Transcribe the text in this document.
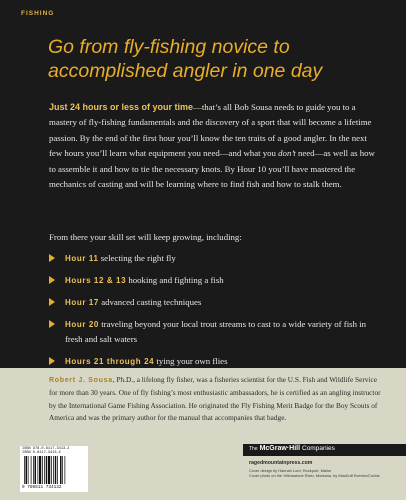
FISHING
Go from fly-fishing novice to accomplished angler in one day
Just 24 hours or less of your time—that’s all Bob Sousa needs to guide you to a mastery of fly-fishing fundamentals and the discovery of a sport that will become a lifetime passion. By the end of the first hour you’ll know the ten traits of a good angler. In the next few hours you’ll learn what equipment you need—and what you don’t need—as well as how to assemble it and how to tie the necessary knots. By Hour 10 you’ll have mastered the mechanics of casting and will be learning where to find fish and how to stalk them.
From there your skill set will keep growing, including:
Hour 11 selecting the right fly
Hours 12 & 13 hooking and fighting a fish
Hour 17 advanced casting techniques
Hour 20 traveling beyond your local trout streams to cast to a wide variety of fish in fresh and salt waters
Hours 21 through 24 tying your own flies
Robert J. Sousa, Ph.D., a lifelong fly fisher, was a fisheries scientist for the U.S. Fish and Wildlife Service for more than 30 years. One of fly fishing’s most enthusiastic ambassadors, he is certified as an angling instructor by the International Game Fishing Association. He originated the Fly Fishing Merit Badge for the Boy Scouts of America and was the primary author for the manual that accompanies that badge.
ISBN 978-0-8117-3413-2
ISBN 0-8117-3413-X
9 780811 734132
The McGraw·Hill Companies
ragedmountainpress.com
Cover design by Hannah Lord, Rockport, Maine
Cover photo on the Yellowstone River, Montana, by MacDuff Everton/Corbis
